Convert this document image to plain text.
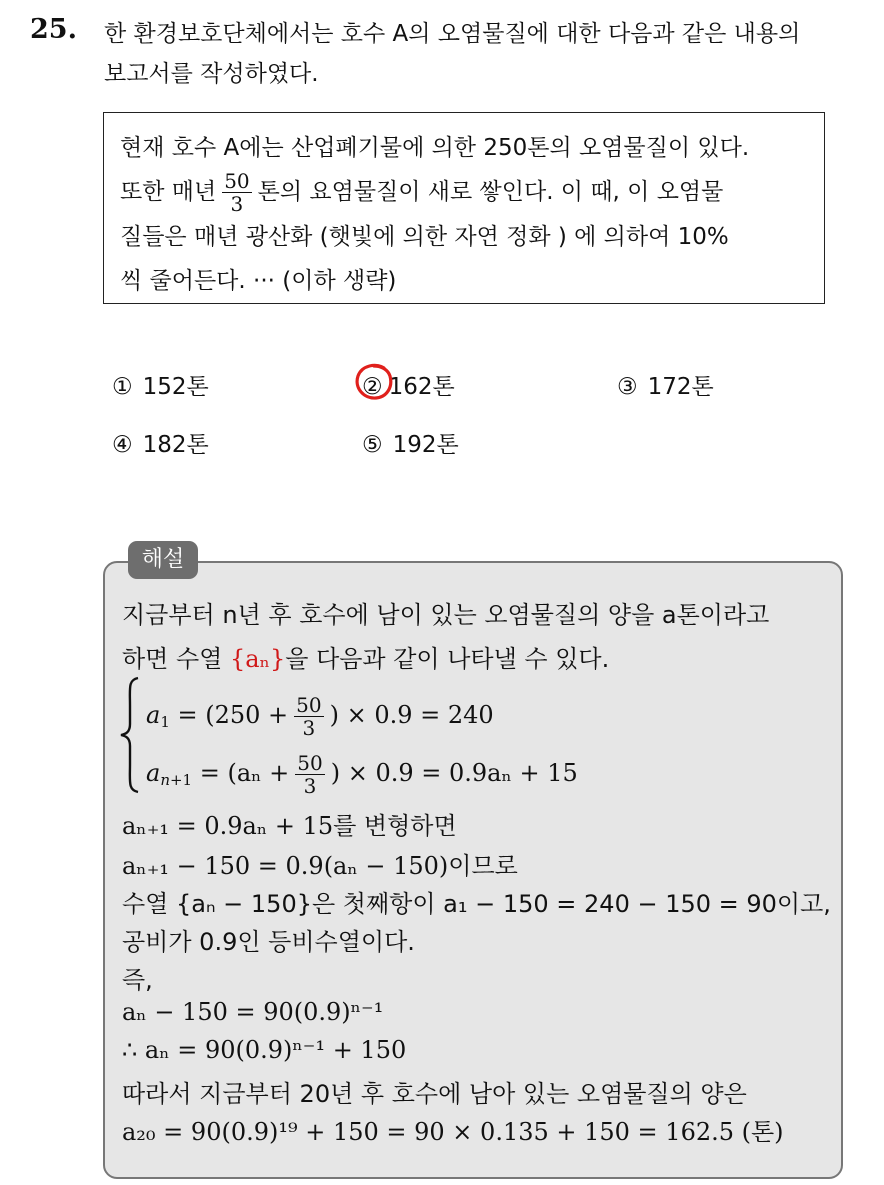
25. 한 환경보호단체에서는 호수 A의 오염물질에 대한 다음과 같은 내용의

보고서를 작성하였다.

현재 호수 A에는 산업폐기물에 의한 250톤의 오염물질이 있다.

또한 매년 $\frac{50}{3}$ 톤의 요염물질이 새로 쌓인다. 이 때, 이 오염물

질들은 매년 광산화 (햇빛에 의한 자연 정화 ) 에 의하여 10%

씩 줄어든다. ··· (이하 생략)

① 152톤	② 162톤	③ 172톤
④ 182톤	⑤ 192톤
해설
지금부터 n년 후 호수에 남이 있는 오염물질의 양을 a톤이라고
하면 수열 {aₙ}을 다음과 같이 나타낼 수 있다.
$a_1 = (250 + \frac{50}{3}$ ) × 0.9 = 240
$a_{n+1} = (a_n + \frac{50}{3}$ ) × 0.9 = 0.9aₙ + 15
aₙ₊₁ = 0.9aₙ + 15를 변형하면
aₙ₊₁ − 150 = 0.9(aₙ − 150)이므로
수열 {aₙ − 150}은 첫째항이 a₁ − 150 = 240 − 150 = 90이고,
공비가 0.9인 등비수열이다.
즉,
aₙ − 150 = 90(0.9)ⁿ⁻¹
∴ aₙ = 90(0.9)ⁿ⁻¹ + 150
따라서 지금부터 20년 후 호수에 남아 있는 오염물질의 양은
a₂₀ = 90(0.9)¹⁹ + 150 = 90 × 0.135 + 150 = 162.5 (톤)
